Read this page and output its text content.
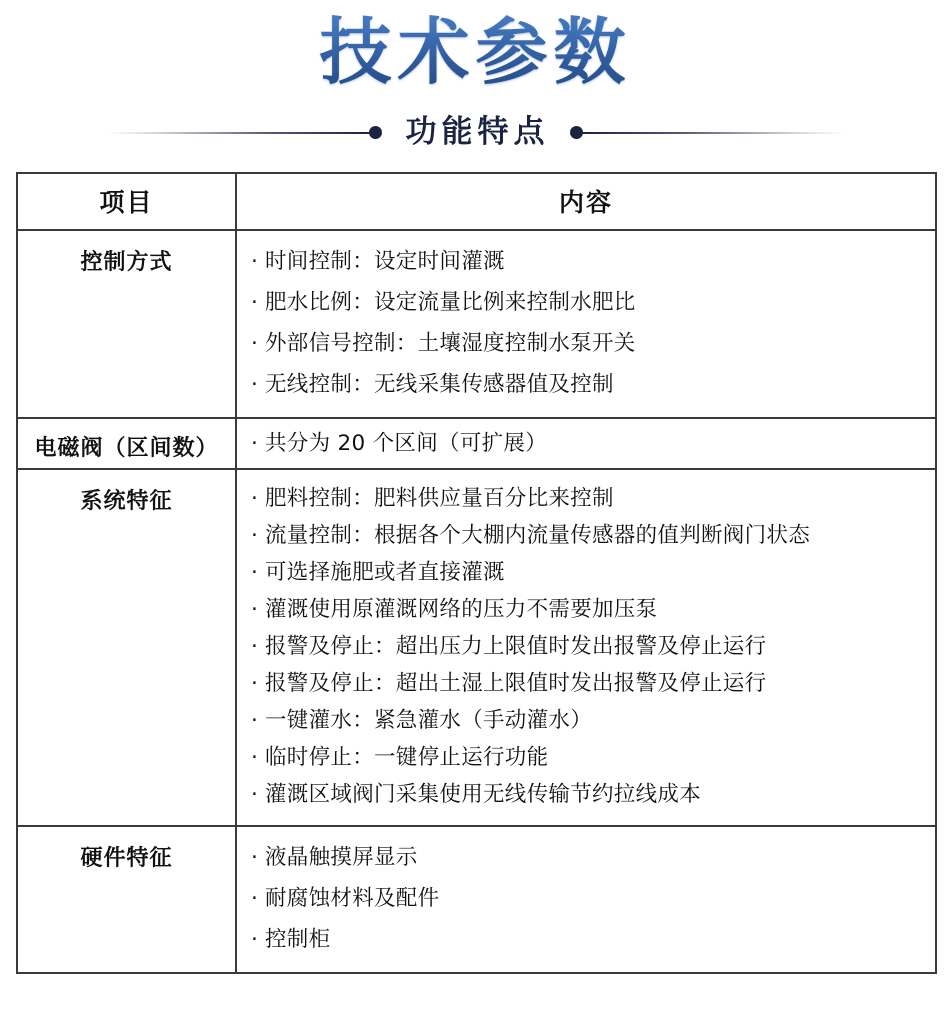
技术参数
功能特点
项目	内容
控制方式	· 时间控制：设定时间灌溉
· 肥水比例：设定流量比例来控制水肥比
· 外部信号控制：土壤湿度控制水泵开关
· 无线控制：无线采集传感器值及控制

电磁阀（区间数）	· 共分为 20 个区间（可扩展）

系统特征	· 肥料控制：肥料供应量百分比来控制
· 流量控制：根据各个大棚内流量传感器的值判断阀门状态
· 可选择施肥或者直接灌溉
· 灌溉使用原灌溉网络的压力不需要加压泵
· 报警及停止：超出压力上限值时发出报警及停止运行
· 报警及停止：超出土湿上限值时发出报警及停止运行
· 一键灌水：紧急灌水（手动灌水）
· 临时停止：一键停止运行功能
· 灌溉区域阀门采集使用无线传输节约拉线成本

硬件特征	· 液晶触摸屏显示
· 耐腐蚀材料及配件
· 控制柜
